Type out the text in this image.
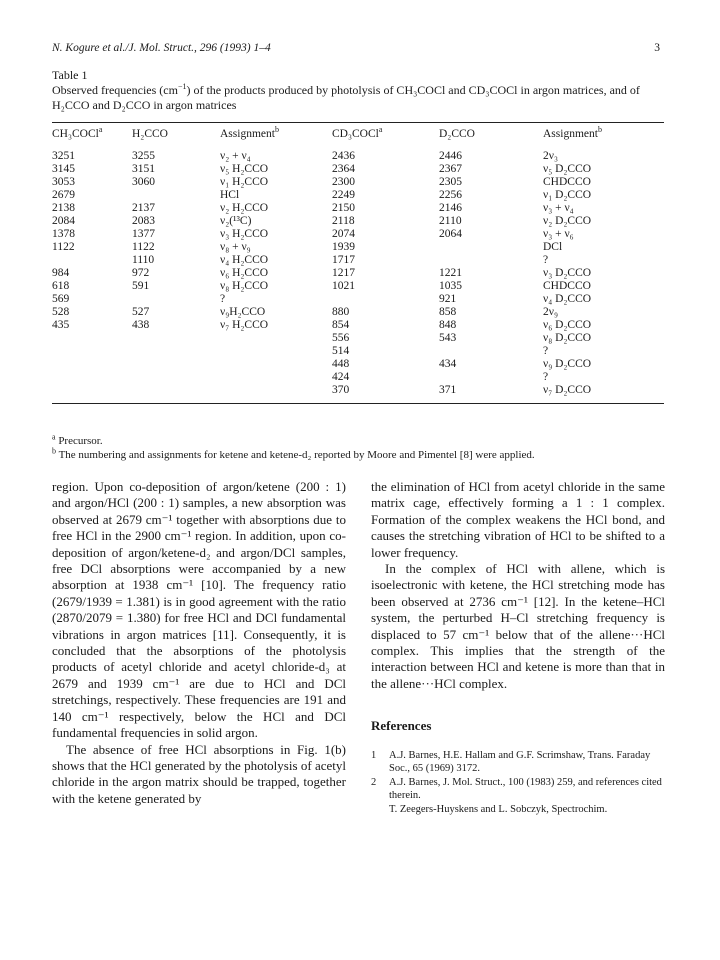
N. Kogure et al./J. Mol. Struct., 296 (1993) 1–4	3
Table 1
Observed frequencies $(cm^{-1})$ of the products produced by photolysis of CH₃COCl and CD₃COCl in argon matrices, and of H₂CCO and D₂CCO in argon matrices
CH₃COCl$^a$	H₂CCO	Assignment$^b$	CD₃COCl$^a$	D₂CCO	Assignment$^b$
3251	3255	ν₂ + ν₄	2436	2446	2ν₃
3145	3151	ν₅ H₂CCO	2364	2367	ν₅ D₂CCO
3053	3060	ν₁ H₂CCO	2300	2305	CHDCCO
2679		HCl	2249	2256	ν₁ D₂CCO
2138	2137	ν₂ H₂CCO	2150	2146	ν₃ + ν₄
2084	2083	ν₂(¹³C)	2118	2110	ν₂ D₂CCO
1378	1377	ν₃ H₂CCO	2074	2064	ν₃ + ν₆
1122	1122	ν₈ + ν₉	1939		DCl
	1110	ν₄ H₂CCO	1717		?
984	972	ν₆ H₂CCO	1217	1221	ν₃ D₂CCO
618	591	ν₈ H₂CCO	1021	1035	CHDCCO
569		?		921	ν₄ D₂CCO
528	527	ν₉H₂CCO	880	858	2ν₉
435	438	ν₇ H₂CCO	854	848	ν₆ D₂CCO
			556	543	ν₈ D₂CCO
			514		?
			448	434	ν₉ D₂CCO
			424		?
			370	371	ν₇ D₂CCO
$^a$ Precursor.
$^b$ The numbering and assignments for ketene and ketene-d₂ reported by Moore and Pimentel [8] were applied.

region. Upon co-deposition of argon/ketene (200 : 1) and argon/HCl (200 : 1) samples, a new absorption was observed at 2679 cm⁻¹ together with absorptions due to free HCl in the 2900 cm⁻¹ region. In addition, upon co-deposition of argon/ketene-d₂ and argon/DCl samples, free DCl absorptions were accompanied by a new absorption at 1938 cm⁻¹ [10]. The frequency ratio (2679/1939 = 1.381) is in good agreement with the ratio (2870/2079 = 1.380) for free HCl and DCl fundamental vibrations in argon matrices [11]. Consequently, it is concluded that the absorptions of the photolysis products of acetyl chloride and acetyl chloride-d₃ at 2679 and 1939 cm⁻¹ are due to HCl and DCl stretchings, respectively. These frequencies are 191 and 140 cm⁻¹ respectively, below the HCl and DCl fundamental frequencies in solid argon.

The absence of free HCl absorptions in Fig. 1(b) shows that the HCl generated by the photolysis of acetyl chloride in the argon matrix should be trapped, together with the ketene generated by

the elimination of HCl from acetyl chloride in the same matrix cage, effectively forming a 1 : 1 complex. Formation of the complex weakens the HCl bond, and causes the stretching vibration of HCl to be shifted to a lower frequency.

In the complex of HCl with allene, which is isoelectronic with ketene, the HCl stretching mode has been observed at 2736 cm⁻¹ [12]. In the ketene–HCl system, the perturbed H–Cl stretching frequency is displaced to 57 cm⁻¹ below that of the allene···HCl complex. This implies that the strength of the interaction between HCl and ketene is more than that in the allene···HCl complex.

References

1 A.J. Barnes, H.E. Hallam and G.F. Scrimshaw, Trans. Faraday Soc., 65 (1969) 3172.
2 A.J. Barnes, J. Mol. Struct., 100 (1983) 259, and references cited therein.
T. Zeegers-Huyskens and L. Sobczyk, Spectrochim.
